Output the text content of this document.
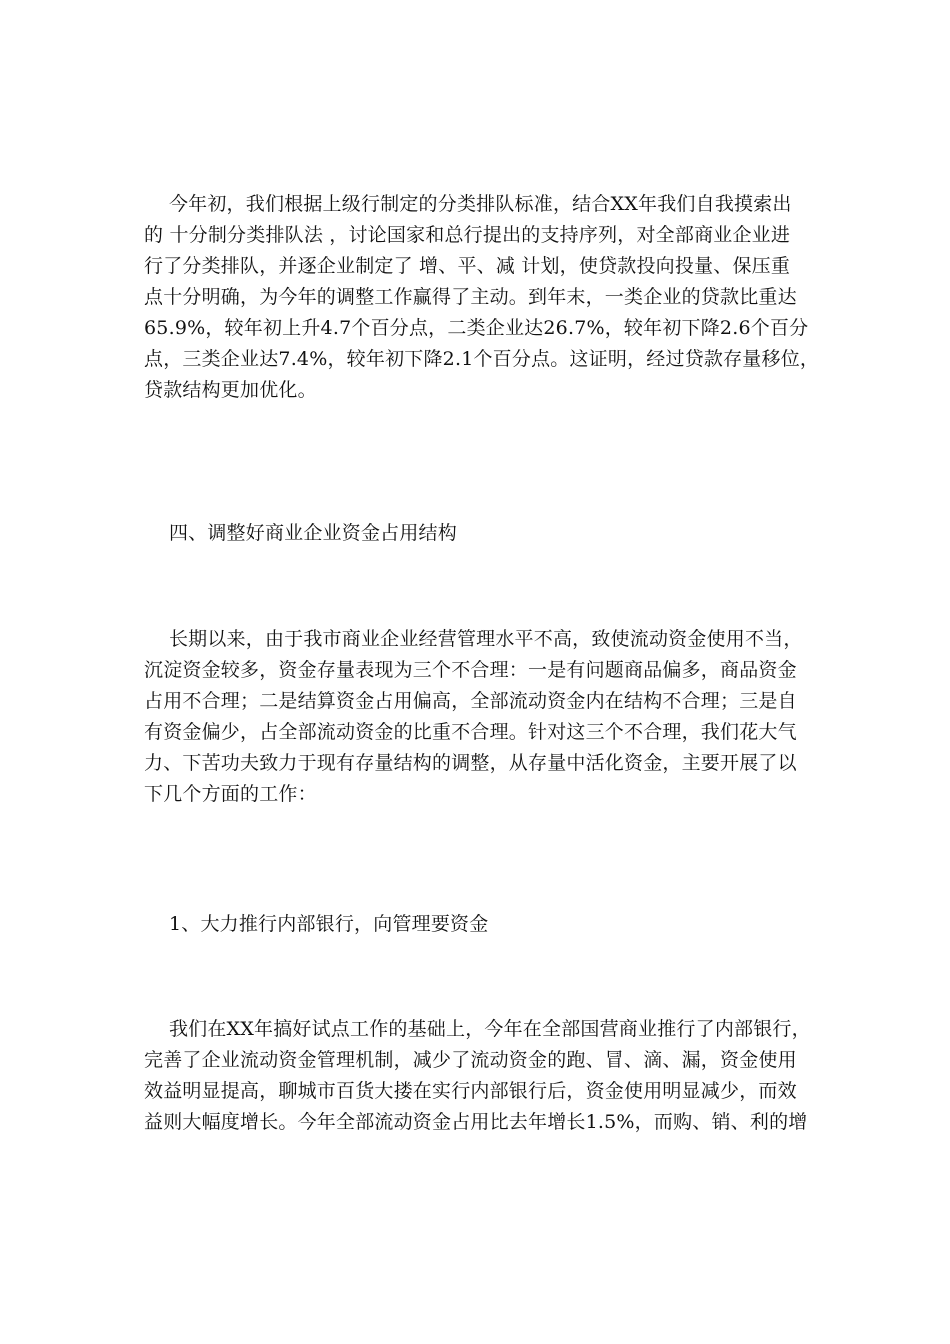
今年初，我们根据上级行制定的分类排队标准，结合XX年我们自我摸索出
的 十分制分类排队法 ，讨论国家和总行提出的支持序列，对全部商业企业进
行了分类排队，并逐企业制定了 增、平、减 计划，使贷款投向投量、保压重
点十分明确，为今年的调整工作赢得了主动。到年末，一类企业的贷款比重达
65.9%，较年初上升4.7个百分点，二类企业达26.7%，较年初下降2.6个百分
点，三类企业达7.4%，较年初下降2.1个百分点。这证明，经过贷款存量移位，
贷款结构更加优化。
四、调整好商业企业资金占用结构
长期以来，由于我市商业企业经营管理水平不高，致使流动资金使用不当，
沉淀资金较多，资金存量表现为三个不合理：一是有问题商品偏多，商品资金
占用不合理；二是结算资金占用偏高，全部流动资金内在结构不合理；三是自
有资金偏少，占全部流动资金的比重不合理。针对这三个不合理，我们花大气
力、下苦功夫致力于现有存量结构的调整，从存量中活化资金，主要开展了以
下几个方面的工作：
1、大力推行内部银行，向管理要资金
我们在XX年搞好试点工作的基础上，今年在全部国营商业推行了内部银行，
完善了企业流动资金管理机制，减少了流动资金的跑、冒、滴、漏，资金使用
效益明显提高，聊城市百货大搂在实行内部银行后，资金使用明显减少，而效
益则大幅度增长。今年全部流动资金占用比去年增长1.5%，而购、销、利的增
